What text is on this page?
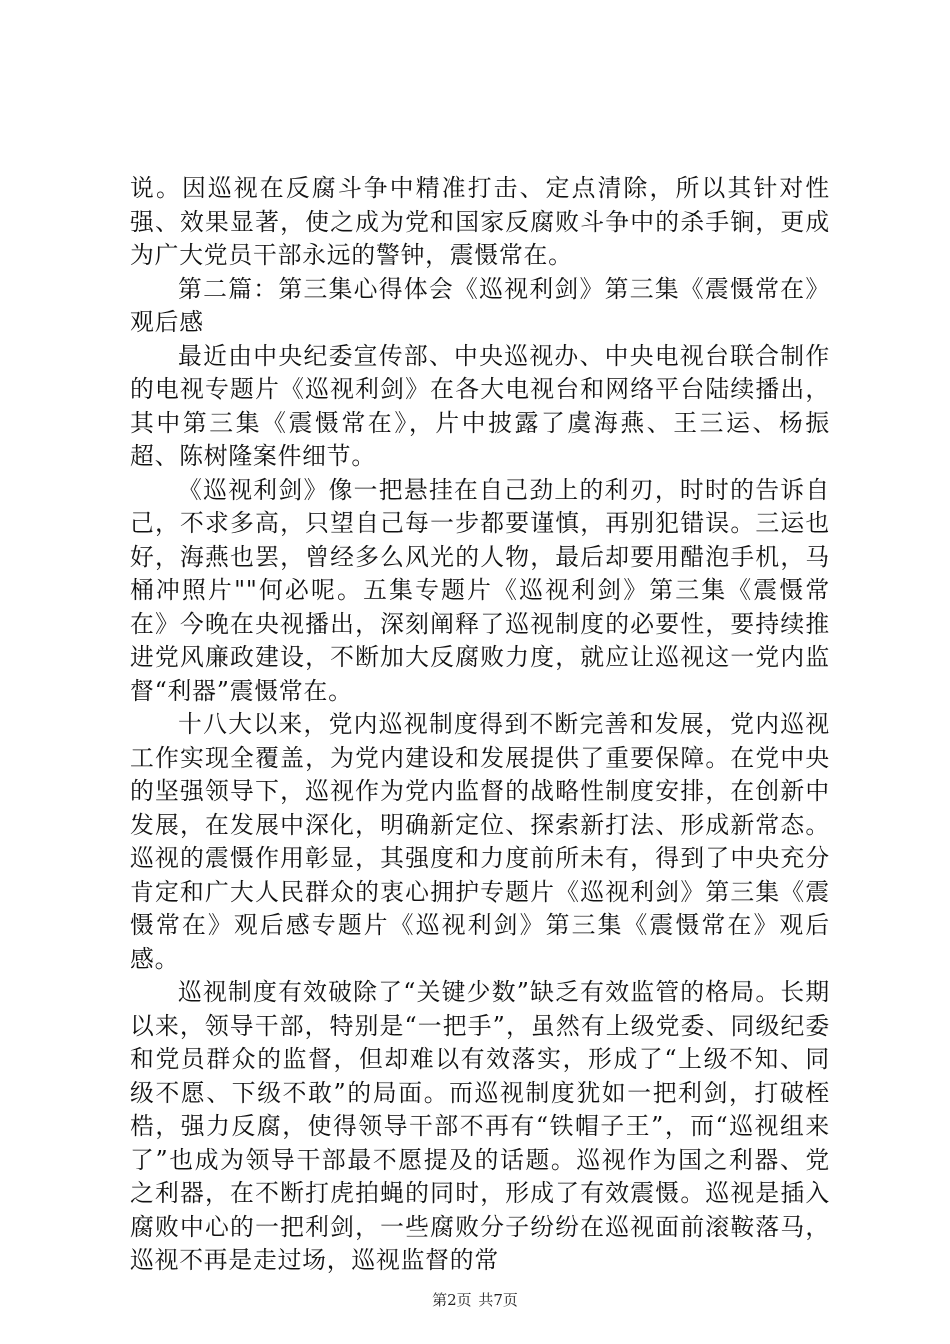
说。因巡视在反腐斗争中精准打击、定点清除，所以其针对性强、效果显著，使之成为党和国家反腐败斗争中的杀手锏，更成为广大党员干部永远的警钟，震慑常在。

第二篇：第三集心得体会《巡视利剑》第三集《震慑常在》观后感

最近由中央纪委宣传部、中央巡视办、中央电视台联合制作的电视专题片《巡视利剑》在各大电视台和网络平台陆续播出，其中第三集《震慑常在》，片中披露了虞海燕、王三运、杨振超、陈树隆案件细节。

《巡视利剑》像一把悬挂在自己劲上的利刃，时时的告诉自己，不求多高，只望自己每一步都要谨慎，再别犯错误。三运也好，海燕也罢，曾经多么风光的人物，最后却要用醋泡手机，马桶冲照片""何必呢。五集专题片《巡视利剑》第三集《震慑常在》今晚在央视播出，深刻阐释了巡视制度的必要性，要持续推进党风廉政建设，不断加大反腐败力度，就应让巡视这一党内监督“利器”震慑常在。

十八大以来，党内巡视制度得到不断完善和发展，党内巡视工作实现全覆盖，为党内建设和发展提供了重要保障。在党中央的坚强领导下，巡视作为党内监督的战略性制度安排，在创新中发展，在发展中深化，明确新定位、探索新打法、形成新常态。巡视的震慑作用彰显，其强度和力度前所未有，得到了中央充分肯定和广大人民群众的衷心拥护专题片《巡视利剑》第三集《震慑常在》观后感专题片《巡视利剑》第三集《震慑常在》观后感。

巡视制度有效破除了“关键少数”缺乏有效监管的格局。长期以来，领导干部，特别是“一把手”，虽然有上级党委、同级纪委和党员群众的监督，但却难以有效落实，形成了“上级不知、同级不愿、下级不敢”的局面。而巡视制度犹如一把利剑，打破桎梏，强力反腐，使得领导干部不再有“铁帽子王”，而“巡视组来了”也成为领导干部最不愿提及的话题。巡视作为国之利器、党之利器，在不断打虎拍蝇的同时，形成了有效震慑。巡视是插入腐败中心的一把利剑，一些腐败分子纷纷在巡视面前滚鞍落马，巡视不再是走过场，巡视监督的常

第2页 共7页
